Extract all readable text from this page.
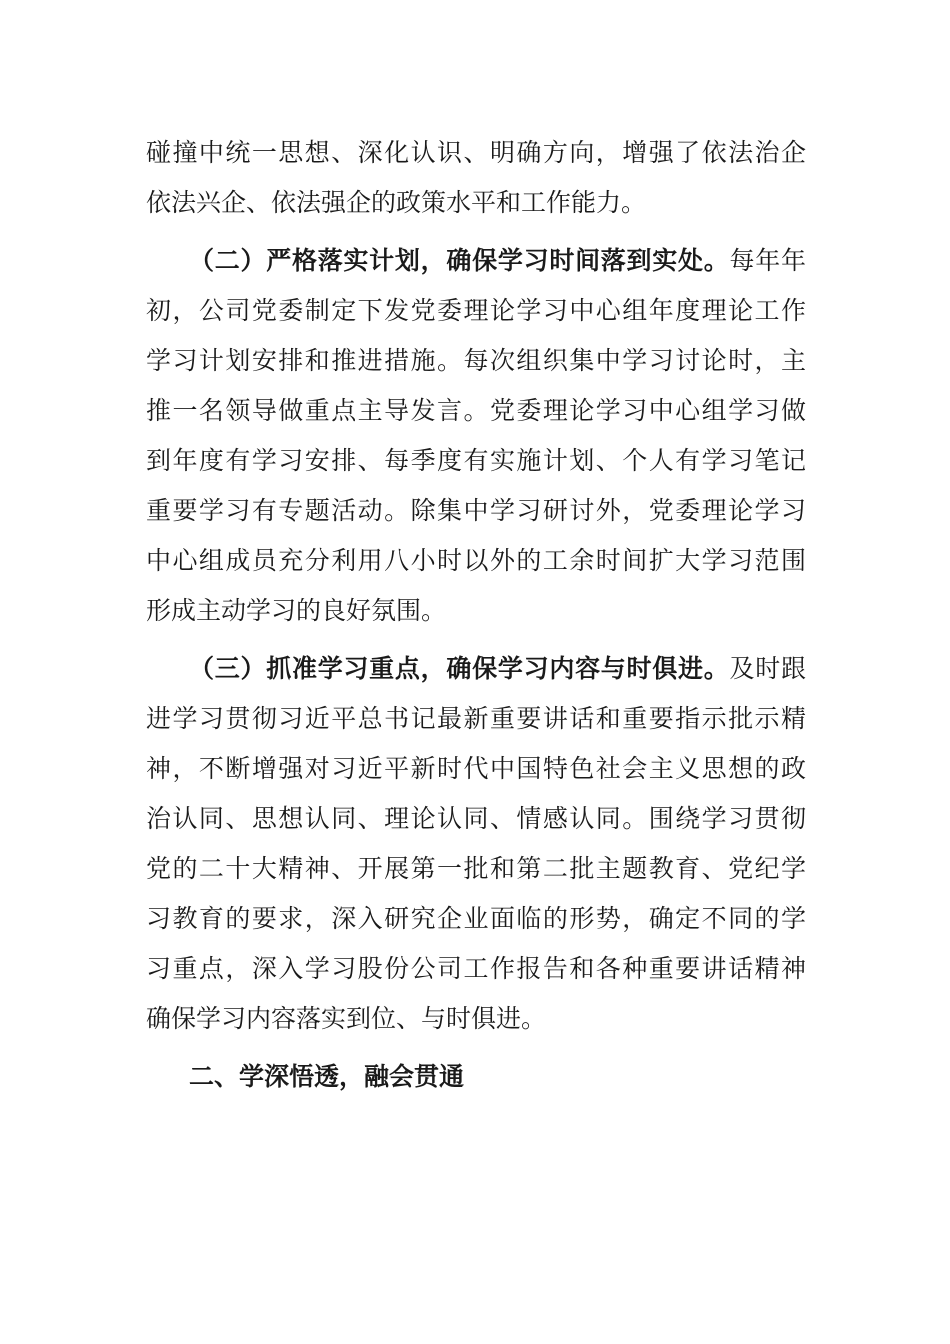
碰撞中统一思想、深化认识、明确方向，增强了依法治企
依法兴企、依法强企的政策水平和工作能力。
（二）严格落实计划，确保学习时间落到实处。每年年
初，公司党委制定下发党委理论学习中心组年度理论工作
学习计划安排和推进措施。每次组织集中学习讨论时，主
推一名领导做重点主导发言。党委理论学习中心组学习做
到年度有学习安排、每季度有实施计划、个人有学习笔记
重要学习有专题活动。除集中学习研讨外，党委理论学习
中心组成员充分利用八小时以外的工余时间扩大学习范围
形成主动学习的良好氛围。
（三）抓准学习重点，确保学习内容与时俱进。及时跟
进学习贯彻习近平总书记最新重要讲话和重要指示批示精
神，不断增强对习近平新时代中国特色社会主义思想的政
治认同、思想认同、理论认同、情感认同。围绕学习贯彻
党的二十大精神、开展第一批和第二批主题教育、党纪学
习教育的要求，深入研究企业面临的形势，确定不同的学
习重点，深入学习股份公司工作报告和各种重要讲话精神
确保学习内容落实到位、与时俱进。
二、学深悟透，融会贯通
